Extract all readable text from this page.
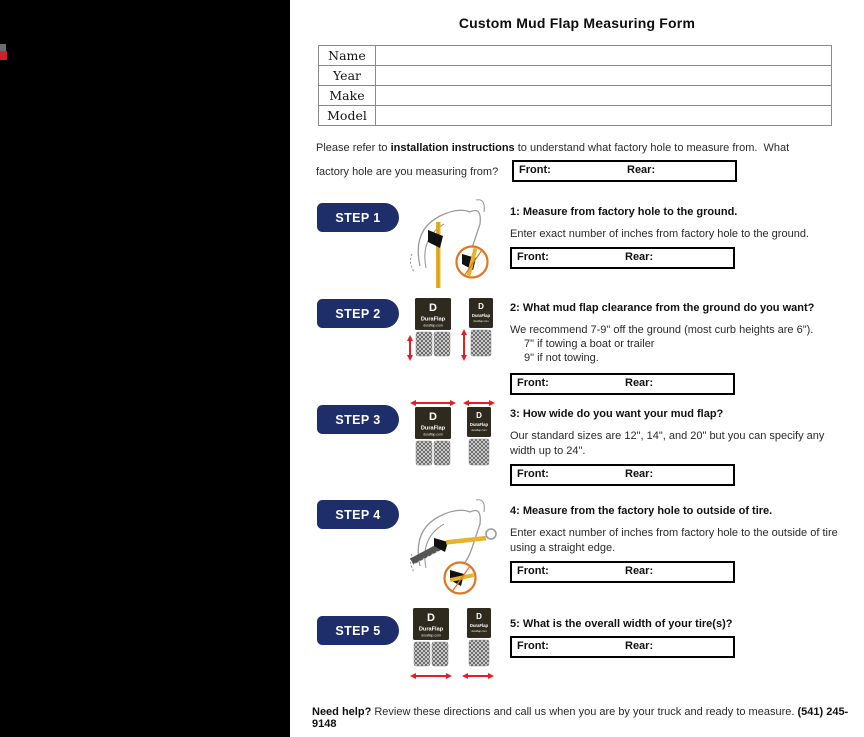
Custom Mud Flap Measuring Form
Name	
Year	
Make	
Model	
Please refer to installation instructions to understand what factory hole to measure from.  What
factory hole are you measuring from? Front:	Rear:
STEP 1	1: Measure from factory hole to the ground.
Enter exact number of inches from factory hole to the ground.
Front:	Rear:
STEP 2	2: What mud flap clearance from the ground do you want?
We recommend 7-9" off the ground (most curb heights are 6").
7" if towing a boat or trailer
9" if not towing.
Front:	Rear:
STEP 3	3: How wide do you want your mud flap?
Our standard sizes are 12", 14", and 20" but you can specify any width up to 24".
Front:	Rear:
STEP 4	4: Measure from the factory hole to outside of tire.
Enter exact number of inches from factory hole to the outside of tire using a straight edge.
Front:	Rear:
STEP 5	5: What is the overall width of your tire(s)?
Front:	Rear:
Need help? Review these directions and call us when you are by your truck and ready to measure. (541) 245-9148
